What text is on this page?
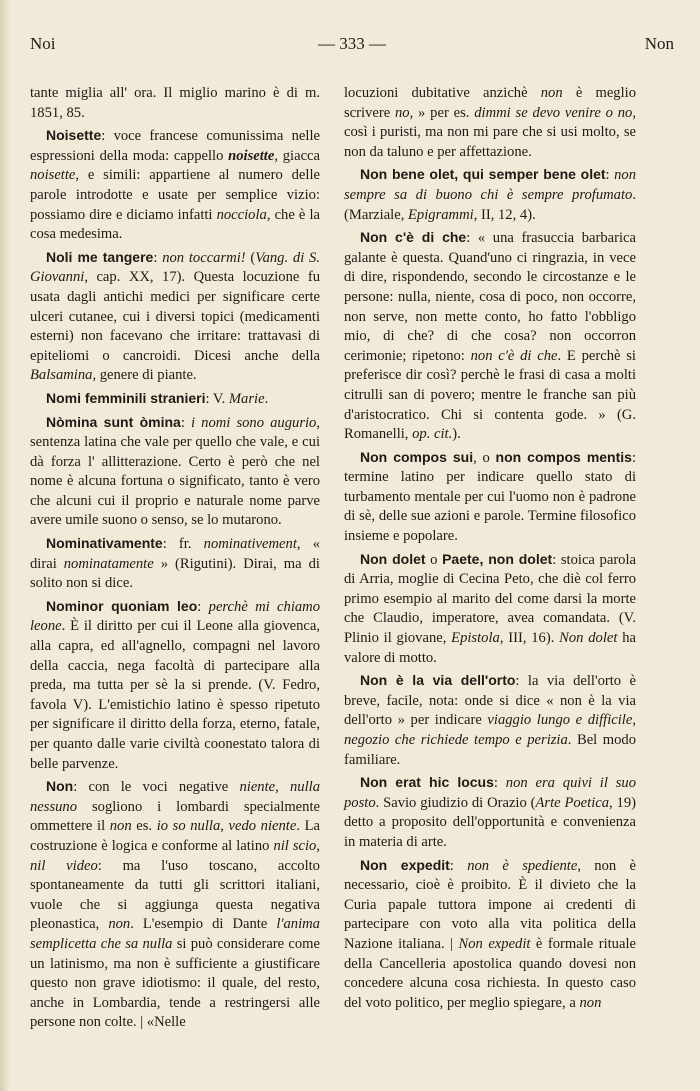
Noi	— 333 —	Non

tante miglia all' ora. Il miglio marino è di m. 1851, 85.

Noisette: voce francese comunissima nelle espressioni della moda: cappello noisette, giacca noisette, e simili: appartiene al numero delle parole introdotte e usate per semplice vizio: possiamo dire e diciamo infatti nocciola, che è la cosa medesima.

Noli me tangere: non toccarmi! (Vang. di S. Giovanni, cap. XX, 17). Questa locuzione fu usata dagli antichi medici per significare certe ulceri cutanee, cui i diversi topici (medicamenti esterni) non facevano che irritare: trattavasi di epiteliomi o cancroidi. Dicesi anche della Balsamina, genere di piante.

Nomi femminili stranieri: V. Marie.

Nòmina sunt òmina: i nomi sono augurio, sentenza latina che vale per quello che vale, e cui dà forza l' allitterazione. Certo è però che nel nome è alcuna fortuna o significato, tanto è vero che alcuni cui il proprio e naturale nome parve avere umile suono o senso, se lo mutarono.

Nominativamente: fr. nominativement, « dirai nominatamente » (Rigutini). Dirai, ma di solito non si dice.

Nominor quoniam leo: perchè mi chiamo leone. È il diritto per cui il Leone alla giovenca, alla capra, ed all'agnello, compagni nel lavoro della caccia, nega facoltà di partecipare alla preda, ma tutta per sè la si prende. (V. Fedro, favola V). L'emistichio latino è spesso ripetuto per significare il diritto della forza, eterno, fatale, per quanto dalle varie civiltà coonestato talora di belle parvenze.

Non: con le voci negative niente, nulla nessuno sogliono i lombardi specialmente ommettere il non es. io so nulla, vedo niente. La costruzione è logica e conforme al latino nil scio, nil video: ma l'uso toscano, accolto spontaneamente da tutti gli scrittori italiani, vuole che si aggiunga questa negativa pleonastica, non. L'esempio di Dante l'anima semplicetta che sa nulla si può considerare come un latinismo, ma non è sufficiente a giustificare questo non grave idiotismo: il quale, del resto, anche in Lombardia, tende a restringersi alle persone non colte. | «Nelle

locuzioni dubitative anzichè non è meglio scrivere no, » per es. dimmi se devo venire o no, così i puristi, ma non mi pare che si usi molto, se non da taluno e per affettazione.

Non bene olet, qui semper bene olet: non sempre sa di buono chi è sempre profumato. (Marziale, Epigrammi, II, 12, 4).

Non c'è di che: « una frasuccia barbarica galante è questa. Quand'uno ci ringrazia, in vece di dire, rispondendo, secondo le circostanze e le persone: nulla, niente, cosa di poco, non occorre, non serve, non mette conto, ho fatto l'obbligo mio, di che? di che cosa? non occorron cerimonie; ripetono: non c'è di che. E perchè si preferisce dir così? perchè le frasi di casa a molti citrulli san di povero; mentre le franche san più d'aristocratico. Chi si contenta gode. » (G. Romanelli, op. cit.).

Non compos sui, o non compos mentis: termine latino per indicare quello stato di turbamento mentale per cui l'uomo non è padrone di sè, delle sue azioni e parole. Termine filosofico insieme e popolare.

Non dolet o Paete, non dolet: stoica parola di Arria, moglie di Cecina Peto, che diè col ferro primo esempio al marito del come darsi la morte che Claudio, imperatore, avea comandata. (V. Plinio il giovane, Epistola, III, 16). Non dolet ha valore di motto.

Non è la via dell'orto: la via dell'orto è breve, facile, nota: onde si dice « non è la via dell'orto » per indicare viaggio lungo e difficile, negozio che richiede tempo e perizia. Bel modo familiare.

Non erat hic locus: non era quivi il suo posto. Savio giudizio di Orazio (Arte Poetica, 19) detto a proposito dell'opportunità e convenienza in materia di arte.

Non expedit: non è spediente, non è necessario, cioè è proibito. È il divieto che la Curia papale tuttora impone ai credenti di partecipare con voto alla vita politica della Nazione italiana. | Non expedit è formale rituale della Cancelleria apostolica quando dovesi non concedere alcuna cosa richiesta. In questo caso del voto politico, per meglio spiegare, a non
